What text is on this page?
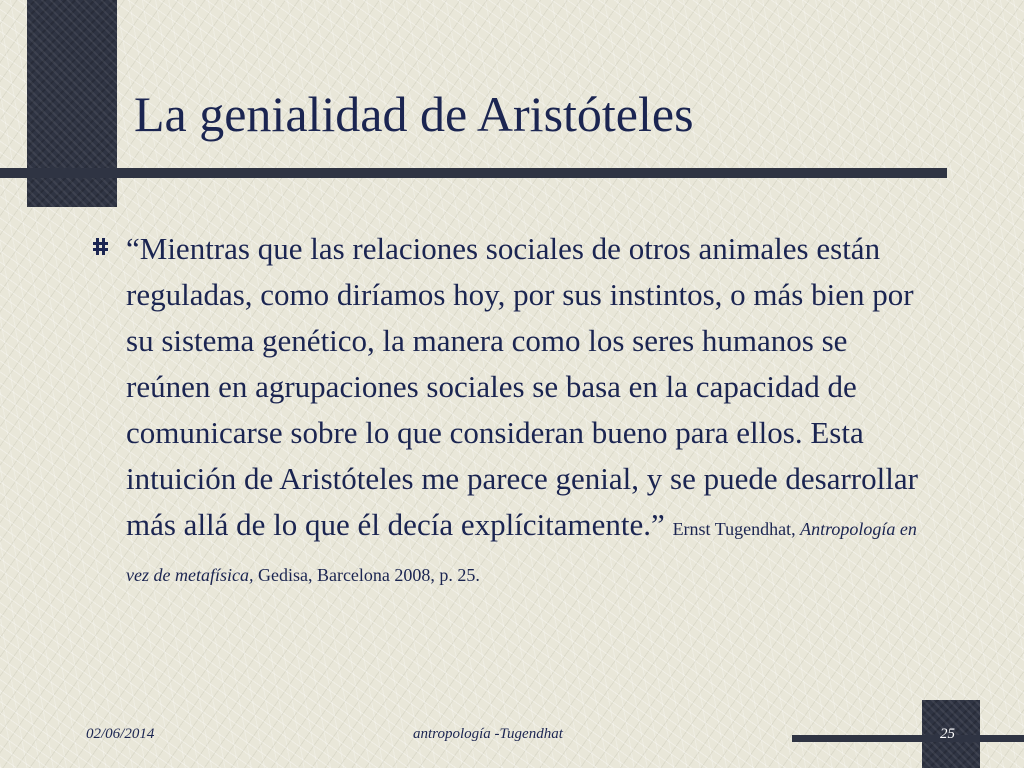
La genialidad de Aristóteles

“Mientras que las relaciones sociales de otros animales están reguladas, como diríamos hoy, por sus instintos, o más bien por su sistema genético, la manera como los seres humanos se reúnen en agrupaciones sociales se basa en la capacidad de comunicarse sobre lo que consideran bueno para ellos. Esta intuición de Aristóteles me parece genial, y se puede desarrollar más allá de lo que él decía explícitamente.” Ernst Tugendhat, Antropología en vez de metafísica, Gedisa, Barcelona 2008, p. 25.

02/06/2014	antropología -Tugendhat	25
